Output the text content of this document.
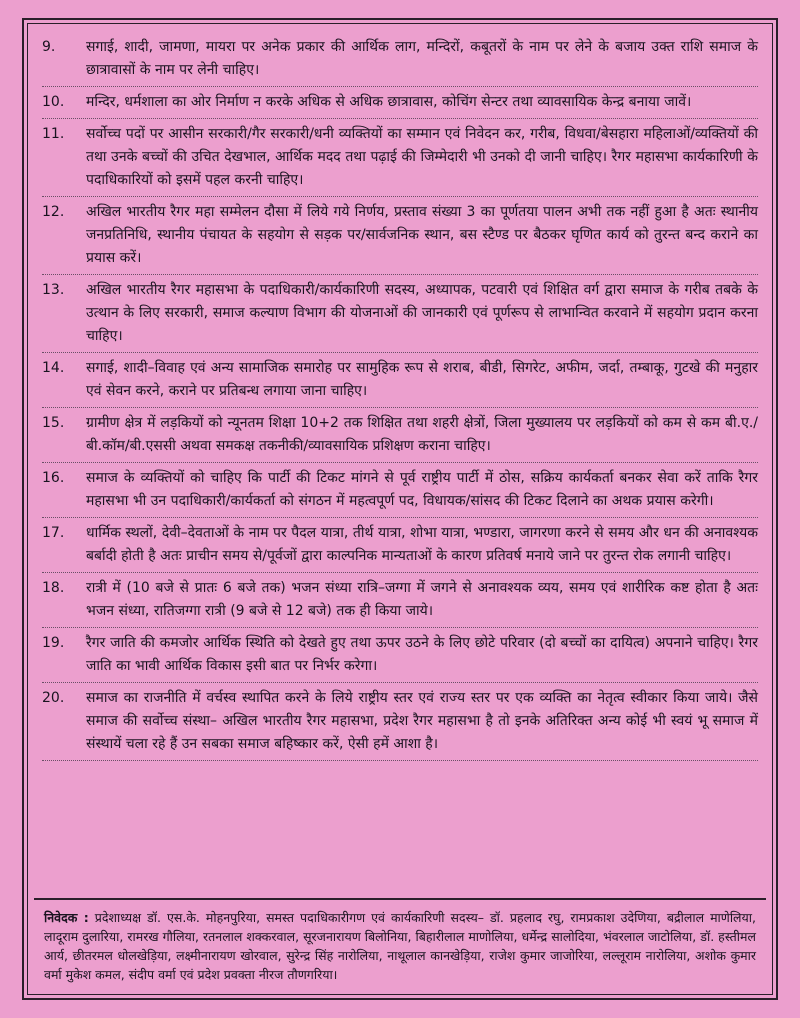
9.	सगाई, शादी, जामणा, मायरा पर अनेक प्रकार की आर्थिक लाग, मन्दिरों, कबूतरों के नाम पर लेने के बजाय उक्त राशि समाज के छात्रावासों के नाम पर लेनी चाहिए।
10.	मन्दिर, धर्मशाला का ओर निर्माण न करके अधिक से अधिक छात्रावास, कोचिंग सेन्टर तथा व्यावसायिक केन्द्र बनाया जावें।
11.	सर्वोच्च पदों पर आसीन सरकारी/गैर सरकारी/धनी व्यक्तियों का सम्मान एवं निवेदन कर, गरीब, विधवा/बेसहारा महिलाओं/व्यक्तियों की तथा उनके बच्चों की उचित देखभाल, आर्थिक मदद तथा पढ़ाई की जिम्मेदारी भी उनको दी जानी चाहिए। रैगर महासभा कार्यकारिणी के पदाधिकारियों को इसमें पहल करनी चाहिए।
12.	अखिल भारतीय रैगर महा सम्मेलन दौसा में लिये गये निर्णय, प्रस्ताव संख्या 3 का पूर्णतया पालन अभी तक नहीं हुआ है अतः स्थानीय जनप्रतिनिधि, स्थानीय पंचायत के सहयोग से सड़क पर/सार्वजनिक स्थान, बस स्टैण्ड पर बैठकर घृणित कार्य को तुरन्त बन्द कराने का प्रयास करें।
13.	अखिल भारतीय रैगर महासभा के पदाधिकारी/कार्यकारिणी सदस्य, अध्यापक, पटवारी एवं शिक्षित वर्ग द्वारा समाज के गरीब तबके के उत्थान के लिए सरकारी, समाज कल्याण विभाग की योजनाओं की जानकारी एवं पूर्णरूप से लाभान्वित करवाने में सहयोग प्रदान करना चाहिए।
14.	सगाई, शादी–विवाह एवं अन्य सामाजिक समारोह पर सामुहिक रूप से शराब, बीडी, सिगरेट, अफीम, जर्दा, तम्बाकू, गुटखे की मनुहार एवं सेवन करने, कराने पर प्रतिबन्ध लगाया जाना चाहिए।
15.	ग्रामीण क्षेत्र में लड़कियों को न्यूनतम शिक्षा 10+2 तक शिक्षित तथा शहरी क्षेत्रों, जिला मुख्यालय पर लड़कियों को कम से कम बी.ए./बी.कॉम/बी.एससी अथवा समकक्ष तकनीकी/व्यावसायिक प्रशिक्षण कराना चाहिए।
16.	समाज के व्यक्तियों को चाहिए कि पार्टी की टिकट मांगने से पूर्व राष्ट्रीय पार्टी में ठोस, सक्रिय कार्यकर्ता बनकर सेवा करें ताकि रैगर महासभा भी उन पदाधिकारी/कार्यकर्ता को संगठन में महत्वपूर्ण पद, विधायक/सांसद की टिकट दिलाने का अथक प्रयास करेगी।
17.	धार्मिक स्थलों, देवी–देवताओं के नाम पर पैदल यात्रा, तीर्थ यात्रा, शोभा यात्रा, भण्डारा, जागरणा करने से समय और धन की अनावश्यक बर्बादी होती है अतः प्राचीन समय से/पूर्वजों द्वारा काल्पनिक मान्यताओं के कारण प्रतिवर्ष मनाये जाने पर तुरन्त रोक लगानी चाहिए।
18.	रात्री में (10 बजे से प्रातः 6 बजे तक) भजन संध्या रात्रि–जग्गा में जगने से अनावश्यक व्यय, समय एवं शारीरिक कष्ट होता है अतः भजन संध्या, रातिजग्गा रात्री (9 बजे से 12 बजे) तक ही किया जाये।
19.	रैगर जाति की कमजोर आर्थिक स्थिति को देखते हुए तथा ऊपर उठने के लिए छोटे परिवार (दो बच्चों का दायित्व) अपनाने चाहिए। रैगर जाति का भावी आर्थिक विकास इसी बात पर निर्भर करेगा।
20.	समाज का राजनीति में वर्चस्व स्थापित करने के लिये राष्ट्रीय स्तर एवं राज्य स्तर पर एक व्यक्ति का नेतृत्व स्वीकार किया जाये। जैसे समाज की सर्वोच्च संस्था– अखिल भारतीय रैगर महासभा, प्रदेश रैगर महासभा है तो इनके अतिरिक्त अन्य कोई भी स्वयं भू समाज में संस्थायें चला रहे हैं उन सबका समाज बहिष्कार करें, ऐसी हमें आशा है।
निवेदक : प्रदेशाध्यक्ष डॉ. एस.के. मोहनपुरिया, समस्त पदाधिकारीगण एवं कार्यकारिणी सदस्य– डॉ. प्रहलाद रघु, रामप्रकाश उदेणिया, बद्रीलाल माणेलिया, लादूराम दुलारिया, रामरख गौलिया, रतनलाल शक्करवाल, सूरजनारायण बिलोनिया, बिहारीलाल माणोलिया, धर्मेन्द्र सालोदिया, भंवरलाल जाटोलिया, डॉ. हस्तीमल आर्य, छीतरमल धोलखेड़िया, लक्ष्मीनारायण खोरवाल, सुरेन्द्र सिंह नारोलिया, नाथूलाल कानखेड़िया, राजेश कुमार जाजोरिया, लल्लूराम नारोलिया, अशोक कुमार वर्मा मुकेश कमल, संदीप वर्मा एवं प्रदेश प्रवक्ता नीरज तौणगरिया।
